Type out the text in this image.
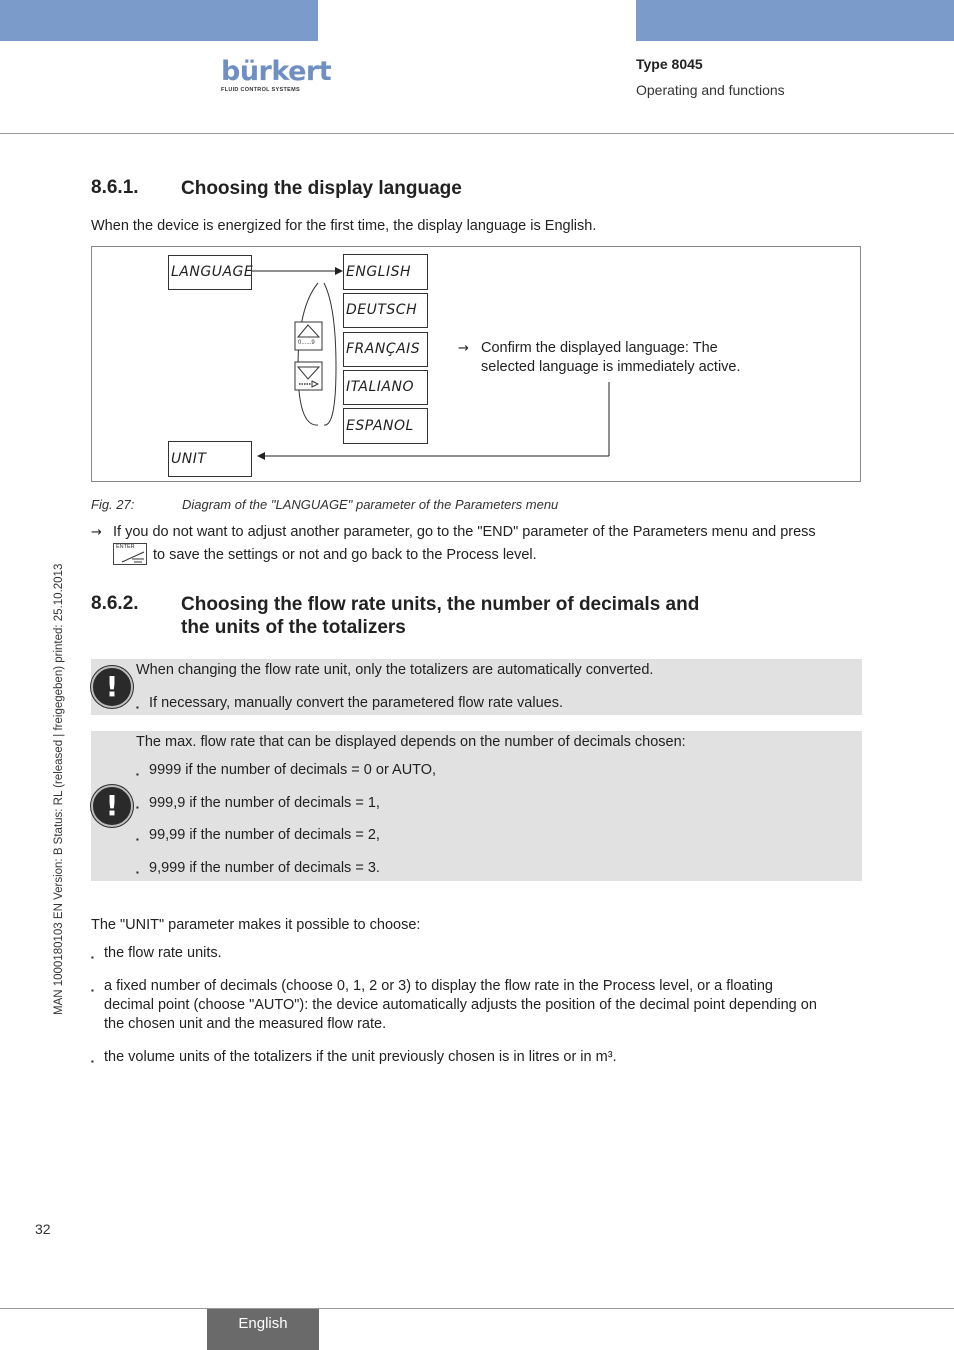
bürkert
FLUID CONTROL SYSTEMS
Type 8045
Operating and functions
8.6.1. Choosing the display language
When the device is energized for the first time, the display language is English.
LANGUAGE
UNIT
ENGLISH
DEUTSCH
FRANÇAIS
ITALIANO
ESPANOL
0......9	→ Confirm the displayed language: The
selected language is immediately active.
Fig. 27:	Diagram of the "LANGUAGE" parameter of the Parameters menu
→ If you do not want to adjust another parameter, go to the "END" parameter of the Parameters menu and press
ENTER to save the settings or not and go back to the Process level.
8.6.2. Choosing the flow rate units, the number of decimals and
the units of the totalizers
!	When changing the flow rate unit, only the totalizers are automatically converted.
▪ If necessary, manually convert the parametered flow rate values.
!
The max. flow rate that can be displayed depends on the number of decimals chosen:
▪ 9999 if the number of decimals = 0 or AUTO,
▪ 999,9 if the number of decimals = 1,
▪ 99,99 if the number of decimals = 2,
▪ 9,999 if the number of decimals = 3.
The "UNIT" parameter makes it possible to choose:
▪ the flow rate units.
▪ a fixed number of decimals (choose 0, 1, 2 or 3) to display the flow rate in the Process level, or a floating
decimal point (choose "AUTO"): the device automatically adjusts the position of the decimal point depending on
the chosen unit and the measured flow rate.
▪ the volume units of the totalizers if the unit previously chosen is in litres or in m³.
MAN 1000180103 EN Version: B Status: RL (released | freigegeben) printed: 25.10.2013
32
English
